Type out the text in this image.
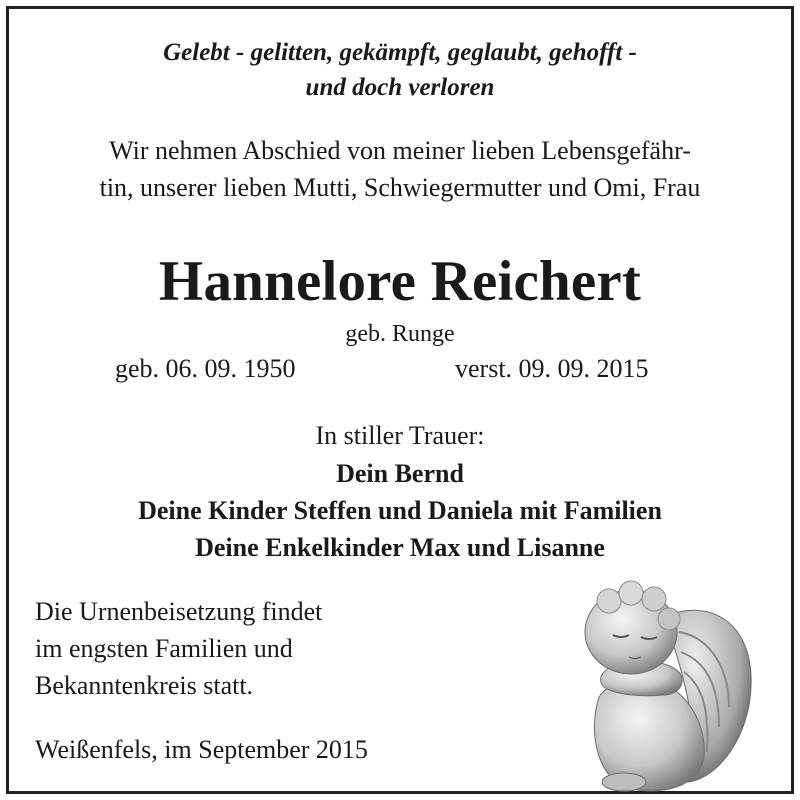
Gelebt - gelitten, gekämpft, geglaubt, gehofft -
und doch verloren
Wir nehmen Abschied von meiner lieben Lebensgefähr-
tin, unserer lieben Mutti, Schwiegermutter und Omi, Frau
Hannelore Reichert
geb. Runge
geb. 06. 09. 1950	verst. 09. 09. 2015
In stiller Trauer:
Dein Bernd
Deine Kinder Steffen und Daniela mit Familien
Deine Enkelkinder Max und Lisanne
Die Urnenbeisetzung findet
im engsten Familien und
Bekanntenkreis statt.
Weißenfels, im September 2015
